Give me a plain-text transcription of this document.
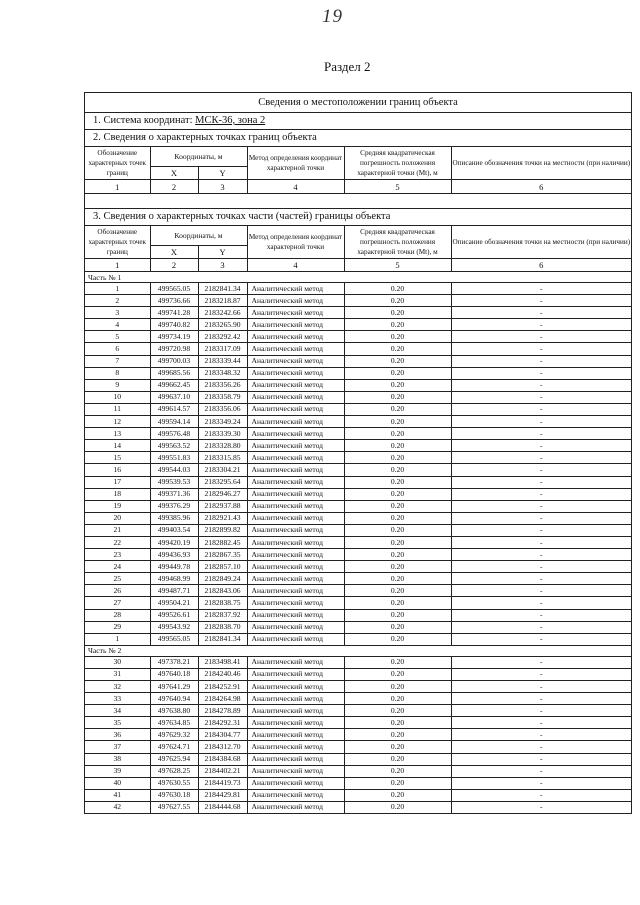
19
Раздел 2
Сведения о местоположении границ объекта
1. Система координат: МСК-36, зона 2
2. Сведения о характерных точках границ объекта
Обозначение характерных точек границ	Координаты, м		Метод определения координат характерной точки	Средняя квадратическая погрешность положения характерной точки (Mt), м	Описание обозначения точки на местности (при наличии)
	X	Y			
1	2	3	4	5	6
3. Сведения о характерных точках части (частей) границы объекта
Обозначение характерных точек границ	Координаты, м		Метод определения координат характерной точки	Средняя квадратическая погрешность положения характерной точки (Mt), м	Описание обозначения точки на местности (при наличии)
	X	Y			
1	2	3	4	5	6
Часть № 1					
1	499565.05	2182841.34	Аналитический метод	0.20	-
2	499736.66	2183218.87	Аналитический метод	0.20	-
3	499741.28	2183242.66	Аналитический метод	0.20	-
4	499740.82	2183265.90	Аналитический метод	0.20	-
5	499734.19	2183292.42	Аналитический метод	0.20	-
6	499720.98	2183317.09	Аналитический метод	0.20	-
7	499700.03	2183339.44	Аналитический метод	0.20	-
8	499685.56	2183348.32	Аналитический метод	0.20	-
9	499662.45	2183356.26	Аналитический метод	0.20	-
10	499637.10	2183358.79	Аналитический метод	0.20	-
11	499614.57	2183356.06	Аналитический метод	0.20	-
12	499594.14	2183349.24	Аналитический метод	0.20	-
13	499576.48	2183339.30	Аналитический метод	0.20	-
14	499563.52	2183328.80	Аналитический метод	0.20	-
15	499551.83	2183315.85	Аналитический метод	0.20	-
16	499544.03	2183304.21	Аналитический метод	0.20	-
17	499539.53	2183295.64	Аналитический метод	0.20	-
18	499371.36	2182946.27	Аналитический метод	0.20	-
19	499376.29	2182937.88	Аналитический метод	0.20	-
20	499385.96	2182921.43	Аналитический метод	0.20	-
21	499403.54	2182899.82	Аналитический метод	0.20	-
22	499420.19	2182882.45	Аналитический метод	0.20	-
23	499436.93	2182867.35	Аналитический метод	0.20	-
24	499449.78	2182857.10	Аналитический метод	0.20	-
25	499468.99	2182849.24	Аналитический метод	0.20	-
26	499487.71	2182843.06	Аналитический метод	0.20	-
27	499504.21	2182838.75	Аналитический метод	0.20	-
28	499526.61	2182837.92	Аналитический метод	0.20	-
29	499543.92	2182838.70	Аналитический метод	0.20	-
1	499565.05	2182841.34	Аналитический метод	0.20	-
Часть № 2					
30	497378.21	2183498.41	Аналитический метод	0.20	-
31	497640.18	2184240.46	Аналитический метод	0.20	-
32	497641.29	2184252.91	Аналитический метод	0.20	-
33	497640.94	2184264.98	Аналитический метод	0.20	-
34	497638.80	2184278.89	Аналитический метод	0.20	-
35	497634.85	2184292.31	Аналитический метод	0.20	-
36	497629.32	2184304.77	Аналитический метод	0.20	-
37	497624.71	2184312.70	Аналитический метод	0.20	-
38	497625.94	2184384.68	Аналитический метод	0.20	-
39	497628.25	2184402.21	Аналитический метод	0.20	-
40	497630.55	2184419.73	Аналитический метод	0.20	-
41	497630.18	2184429.81	Аналитический метод	0.20	-
42	497627.55	2184444.68	Аналитический метод	0.20	-
